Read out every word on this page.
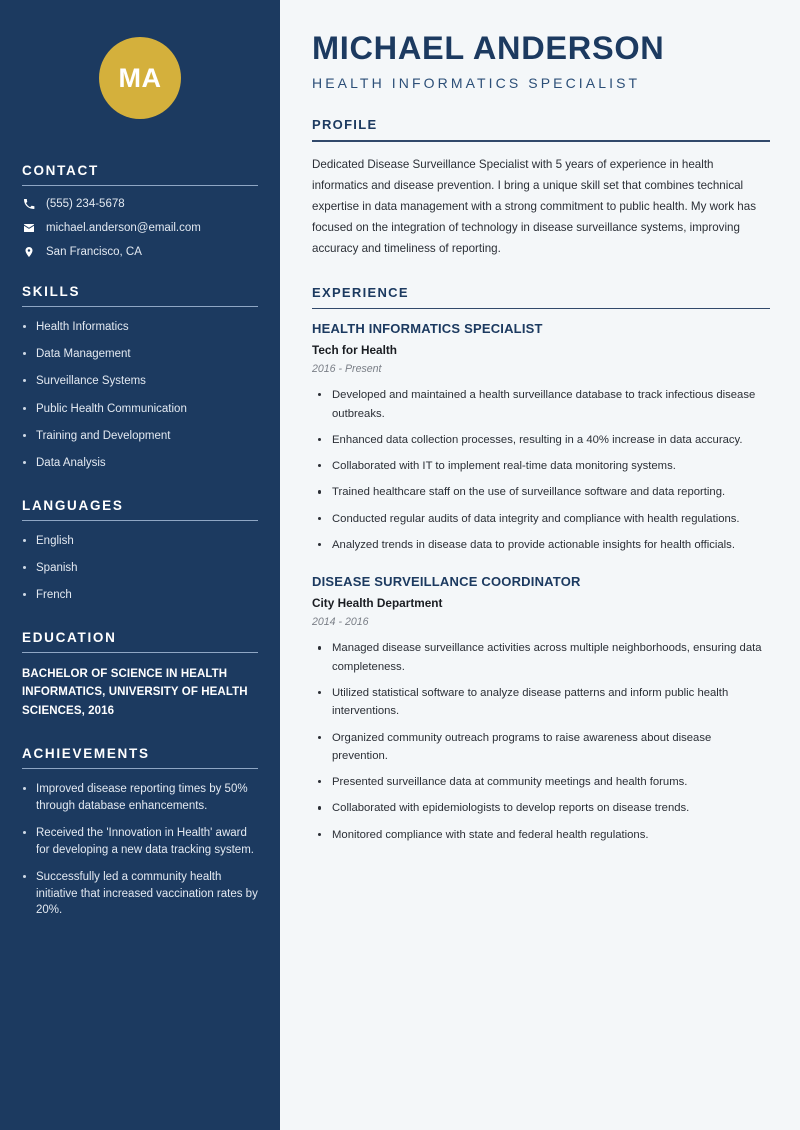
MA
CONTACT
(555) 234-5678
michael.anderson@email.com
San Francisco, CA
SKILLS
Health Informatics
Data Management
Surveillance Systems
Public Health Communication
Training and Development
Data Analysis
LANGUAGES
English
Spanish
French
EDUCATION
BACHELOR OF SCIENCE IN HEALTH INFORMATICS, UNIVERSITY OF HEALTH SCIENCES, 2016
ACHIEVEMENTS
Improved disease reporting times by 50% through database enhancements.
Received the 'Innovation in Health' award for developing a new data tracking system.
Successfully led a community health initiative that increased vaccination rates by 20%.
MICHAEL ANDERSON
HEALTH INFORMATICS SPECIALIST
PROFILE

Dedicated Disease Surveillance Specialist with 5 years of experience in health informatics and disease prevention. I bring a unique skill set that combines technical expertise in data management with a strong commitment to public health. My work has focused on the integration of technology in disease surveillance systems, improving accuracy and timeliness of reporting.

EXPERIENCE
HEALTH INFORMATICS SPECIALIST
Tech for Health
2016 - Present
Developed and maintained a health surveillance database to track infectious disease outbreaks.
Enhanced data collection processes, resulting in a 40% increase in data accuracy.
Collaborated with IT to implement real-time data monitoring systems.
Trained healthcare staff on the use of surveillance software and data reporting.
Conducted regular audits of data integrity and compliance with health regulations.
Analyzed trends in disease data to provide actionable insights for health officials.
DISEASE SURVEILLANCE COORDINATOR
City Health Department
2014 - 2016
Managed disease surveillance activities across multiple neighborhoods, ensuring data completeness.
Utilized statistical software to analyze disease patterns and inform public health interventions.
Organized community outreach programs to raise awareness about disease prevention.
Presented surveillance data at community meetings and health forums.
Collaborated with epidemiologists to develop reports on disease trends.
Monitored compliance with state and federal health regulations.
